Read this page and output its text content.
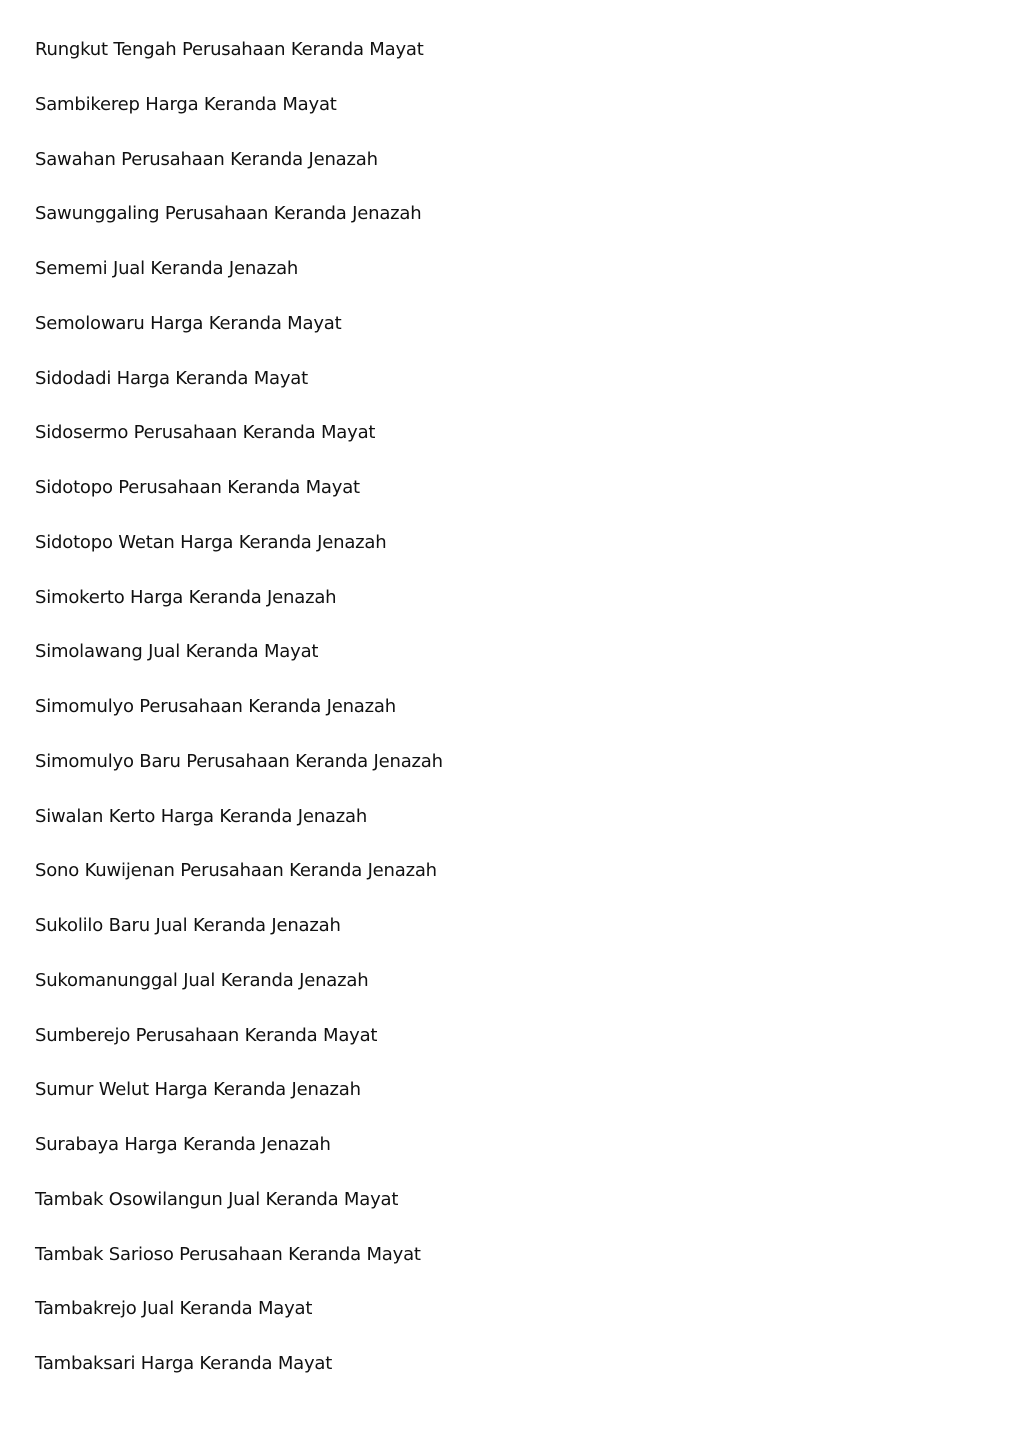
Rungkut Tengah Perusahaan Keranda Mayat
Sambikerep Harga Keranda Mayat
Sawahan Perusahaan Keranda Jenazah
Sawunggaling Perusahaan Keranda Jenazah
Sememi Jual Keranda Jenazah
Semolowaru Harga Keranda Mayat
Sidodadi Harga Keranda Mayat
Sidosermo Perusahaan Keranda Mayat
Sidotopo Perusahaan Keranda Mayat
Sidotopo Wetan Harga Keranda Jenazah
Simokerto Harga Keranda Jenazah
Simolawang Jual Keranda Mayat
Simomulyo Perusahaan Keranda Jenazah
Simomulyo Baru Perusahaan Keranda Jenazah
Siwalan Kerto Harga Keranda Jenazah
Sono Kuwijenan Perusahaan Keranda Jenazah
Sukolilo Baru Jual Keranda Jenazah
Sukomanunggal Jual Keranda Jenazah
Sumberejo Perusahaan Keranda Mayat
Sumur Welut Harga Keranda Jenazah
Surabaya Harga Keranda Jenazah
Tambak Osowilangun Jual Keranda Mayat
Tambak Sarioso Perusahaan Keranda Mayat
Tambakrejo Jual Keranda Mayat
Tambaksari Harga Keranda Mayat
